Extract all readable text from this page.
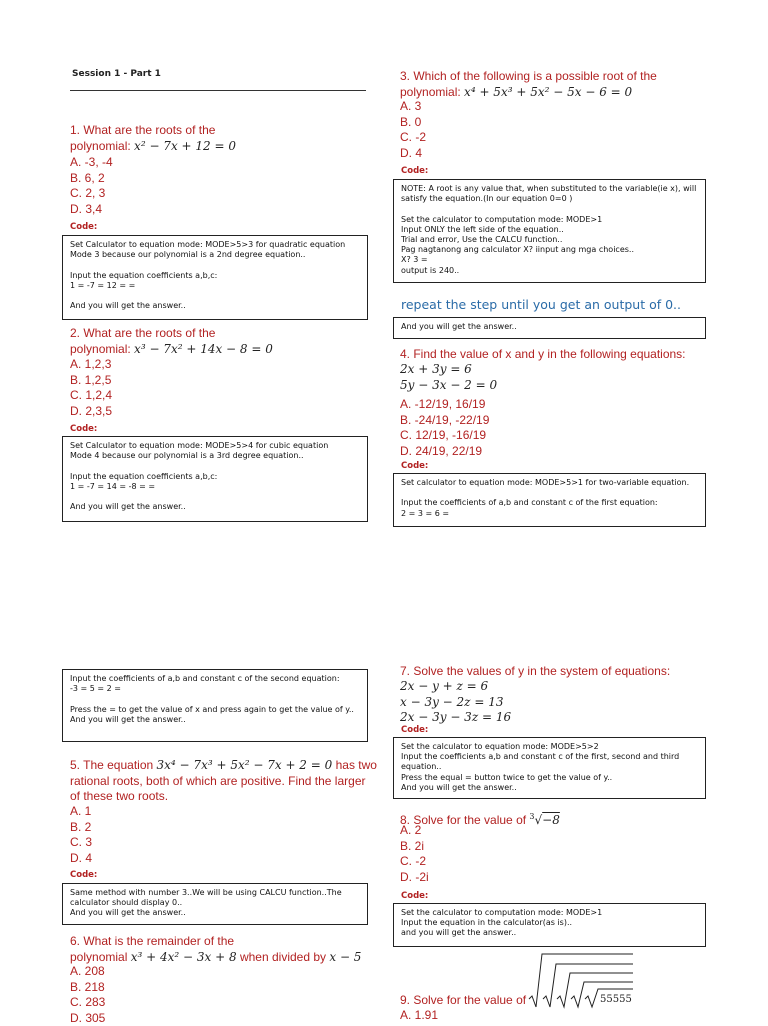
Session 1 - Part 1
1. What are the roots of the
polynomial: x² − 7x + 12 = 0
A. -3, -4
B. 6, 2
C. 2, 3
D. 3,4
Code:
Set Calculator to equation mode: MODE>5>3 for quadratic equation
Mode 3 because our polynomial is a 2nd degree equation..

Input the equation coefficients a,b,c:
1 = -7 = 12 = =

And you will get the answer..
2. What are the roots of the
polynomial: x³ − 7x² + 14x − 8 = 0
A. 1,2,3
B. 1,2,5
C. 1,2,4
D. 2,3,5
Code:
Set Calculator to equation mode: MODE>5>4 for cubic equation
Mode 4 because our polynomial is a 3rd degree equation..

Input the equation coefficients a,b,c:
1 = -7 = 14 = -8 = =

And you will get the answer..
3. Which of the following is a possible root of the
polynomial: x⁴ + 5x³ + 5x² − 5x − 6 = 0
A. 3
B. 0
C. -2
D. 4
Code:
NOTE: A root is any value that, when substituted to the variable(ie x), will
satisfy the equation.(In our equation 0=0 )

Set the calculator to computation mode: MODE>1
Input ONLY the left side of the equation..
Trial and error, Use the CALCU function..
Pag nagtanong ang calculator X? iinput ang mga choices..
X? 3 =
output is 240..
repeat the step until you get an output of 0..
And you will get the answer..
4. Find the value of x and y in the following equations:
2x + 3y = 6
5y − 3x − 2 = 0
A. -12/19, 16/19
B. -24/19, -22/19
C. 12/19, -16/19
D. 24/19, 22/19
Code:
Set calculator to equation mode: MODE>5>1 for two-variable equation.

Input the coefficients of a,b and constant c of the first equation:
2 = 3 = 6 =
Input the coefficients of a,b and constant c of the second equation:
-3 = 5 = 2 =

Press the = to get the value of x and press again to get the value of y..
And you will get the answer..
5. The equation 3x⁴ − 7x³ + 5x² − 7x + 2 = 0 has two
rational roots, both of which are positive. Find the larger
of these two roots.
A. 1
B. 2
C. 3
D. 4
Code:
Same method with number 3..We will be using CALCU function..The
calculator should display 0..
And you will get the answer..
6. What is the remainder of the
polynomial x³ + 4x² − 3x + 8 when divided by x − 5
A. 208
B. 218
C. 283
D. 305
7. Solve the values of y in the system of equations:
2x − y + z = 6
x − 3y − 2z = 13
2x − 3y − 3z = 16
Code:
Set the calculator to equation mode: MODE>5>2
Input the coefficients a,b and constant c of the first, second and third
equation..
Press the equal = button twice to get the value of y..
And you will get the answer..
8. Solve for the value of $^3$√−8
A. 2
B. 2i
C. -2
D. -2i
Code:
Set the calculator to computation mode: MODE>1
Input the equation in the calculator(as is)..
and you will get the answer..
9. Solve for the value of	55555
A. 1.91
